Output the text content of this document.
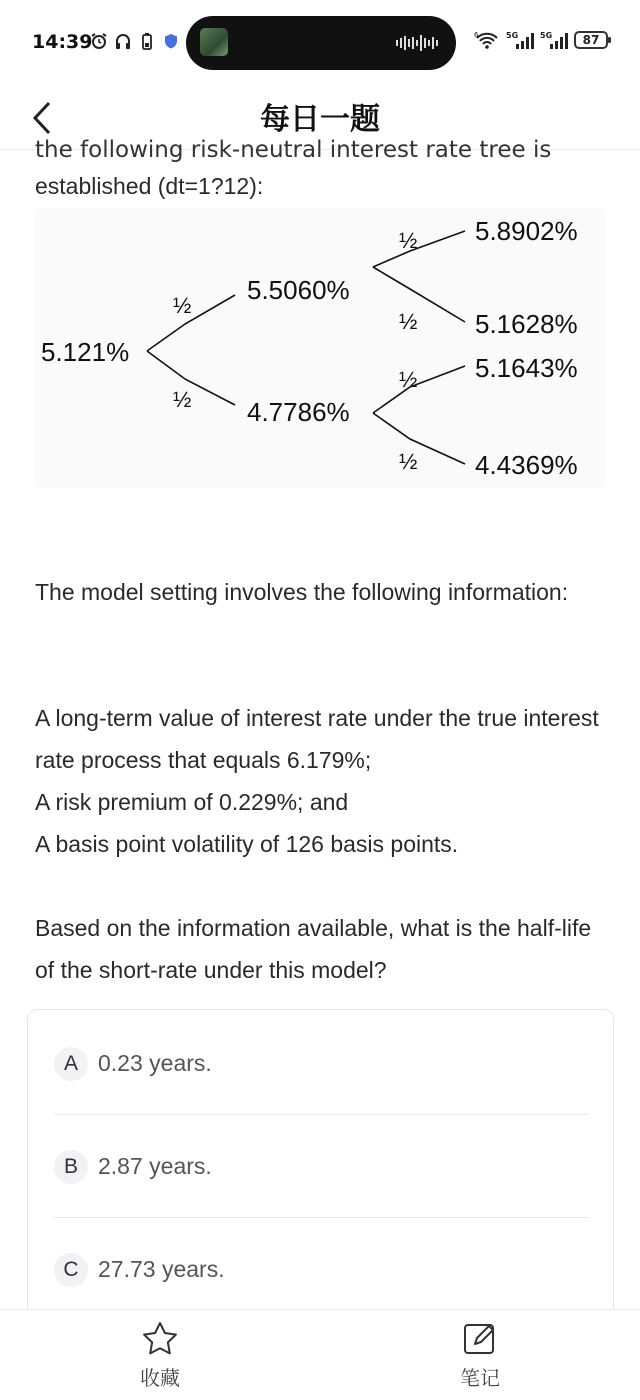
14:39	6	5G	5G	87
每日一题
the following risk-neutral interest rate tree is
established (dt=1?12):
5.121%
5.5060%
4.7786%
5.8902%
5.1628%
5.1643%
4.4369%
½
½
½
½
½
½
The model setting involves the following information:
A long-term value of interest rate under the true interest rate process that equals 6.179%;
A risk premium of 0.229%; and
A basis point volatility of 126 basis points.
Based on the information available, what is the half-life of the short-rate under this model?
A 0.23 years.
B 2.87 years.
C 27.73 years.
收藏	笔记
